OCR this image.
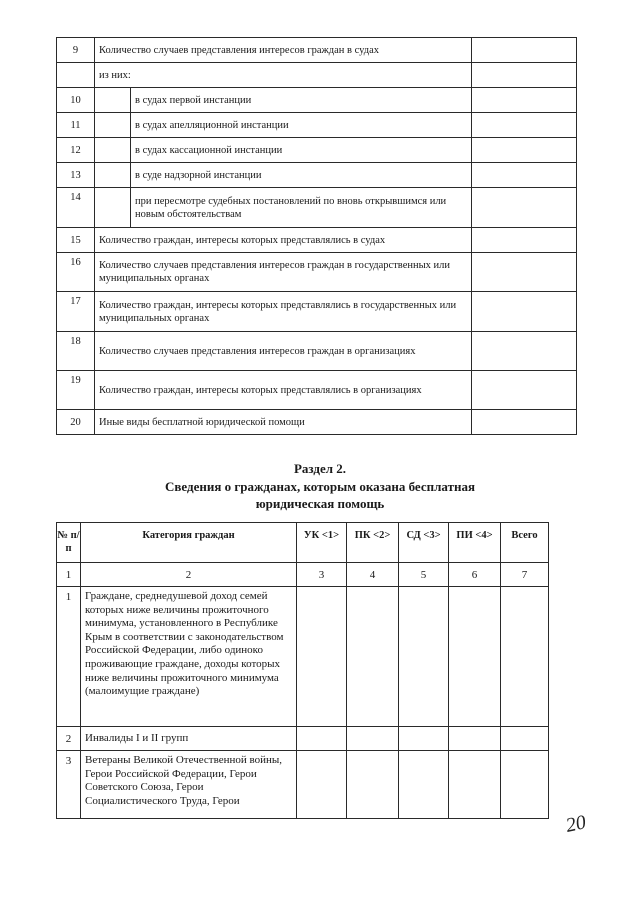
9	Количество случаев представления интересов граждан в судах		
	из них:		
10		в судах первой инстанции	
11		в судах апелляционной инстанции	
12		в судах кассационной инстанции	
13		в суде надзорной инстанции	
14		при пересмотре судебных постановлений по вновь открывшимся или новым обстоятельствам	
15	Количество граждан, интересы которых представлялись в судах		
16	Количество случаев представления интересов граждан в государственных или муниципальных органах		
17	Количество граждан, интересы которых представлялись в государственных или муниципальных органах		
18	Количество случаев представления интересов граждан в организациях		
19	Количество граждан, интересы которых представлялись в организациях		
20	Иные виды бесплатной юридической помощи		
Раздел 2.
Сведения о гражданах, которым оказана бесплатная
юридическая помощь
№ п/п	Категория граждан	УК <1>	ПК <2>	СД <3>	ПИ <4>	Всего
1	2	3	4	5	6	7
1	Граждане, среднедушевой доход семей которых ниже величины прожиточного минимума, установленного в Республике Крым в соответствии с законодательством Российской Федерации, либо одиноко проживающие граждане, доходы которых ниже величины прожиточного минимума (малоимущие граждане)					
2	Инвалиды I и II групп					
3	Ветераны Великой Отечественной войны, Герои Российской Федерации, Герои Советского Союза, Герои Социалистического Труда, Герои					
20
